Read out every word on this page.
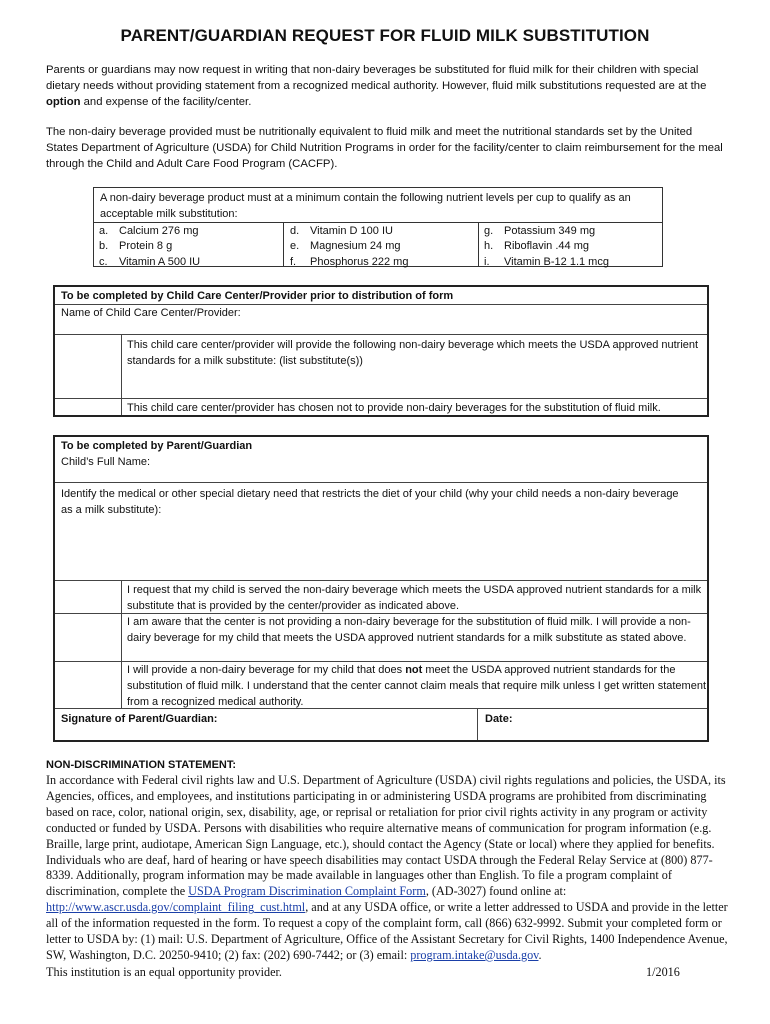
PARENT/GUARDIAN REQUEST FOR FLUID MILK SUBSTITUTION
Parents or guardians may now request in writing that non-dairy beverages be substituted for fluid milk for their children with special dietary needs without providing statement from a recognized medical authority. However, fluid milk substitutions requested are at the option and expense of the facility/center.
The non-dairy beverage provided must be nutritionally equivalent to fluid milk and meet the nutritional standards set by the United States Department of Agriculture (USDA) for Child Nutrition Programs in order for the facility/center to claim reimbursement for the meal through the Child and Adult Care Food Program (CACFP).
A non-dairy beverage product must at a minimum contain the following nutrient levels per cup to qualify as an acceptable milk substitution:
a. Calcium 276 mg
b. Protein 8 g
c. Vitamin A 500 IU
d. Vitamin D 100 IU
e. Magnesium 24 mg
f. Phosphorus 222 mg
g. Potassium 349 mg
h. Riboflavin .44 mg
i. Vitamin B-12 1.1 mcg
To be completed by Child Care Center/Provider prior to distribution of form
Name of Child Care Center/Provider:
This child care center/provider will provide the following non-dairy beverage which meets the USDA approved nutrient standards for a milk substitute: (list substitute(s))
This child care center/provider has chosen not to provide non-dairy beverages for the substitution of fluid milk.
To be completed by Parent/Guardian
Child’s Full Name:
Identify the medical or other special dietary need that restricts the diet of your child (why your child needs a non-dairy beverage as a milk substitute):
I request that my child is served the non-dairy beverage which meets the USDA approved nutrient standards for a milk substitute that is provided by the center/provider as indicated above.
I am aware that the center is not providing a non-dairy beverage for the substitution of fluid milk. I will provide a non-dairy beverage for my child that meets the USDA approved nutrient standards for a milk substitute as stated above.
I will provide a non-dairy beverage for my child that does not meet the USDA approved nutrient standards for the substitution of fluid milk. I understand that the center cannot claim meals that require milk unless I get written statement from a recognized medical authority.
Signature of Parent/Guardian:	Date:
NON-DISCRIMINATION STATEMENT:
In accordance with Federal civil rights law and U.S. Department of Agriculture (USDA) civil rights regulations and policies, the USDA, its Agencies, offices, and employees, and institutions participating in or administering USDA programs are prohibited from discriminating based on race, color, national origin, sex, disability, age, or reprisal or retaliation for prior civil rights activity in any program or activity conducted or funded by USDA. Persons with disabilities who require alternative means of communication for program information (e.g. Braille, large print, audiotape, American Sign Language, etc.), should contact the Agency (State or local) where they applied for benefits. Individuals who are deaf, hard of hearing or have speech disabilities may contact USDA through the Federal Relay Service at (800) 877-8339. Additionally, program information may be made available in languages other than English. To file a program complaint of discrimination, complete the USDA Program Discrimination Complaint Form, (AD-3027) found online at: http://www.ascr.usda.gov/complaint_filing_cust.html, and at any USDA office, or write a letter addressed to USDA and provide in the letter all of the information requested in the form. To request a copy of the complaint form, call (866) 632-9992. Submit your completed form or letter to USDA by: (1) mail: U.S. Department of Agriculture, Office of the Assistant Secretary for Civil Rights, 1400 Independence Avenue, SW, Washington, D.C. 20250-9410; (2) fax: (202) 690-7442; or (3) email: program.intake@usda.gov.
This institution is an equal opportunity provider.	1/2016
